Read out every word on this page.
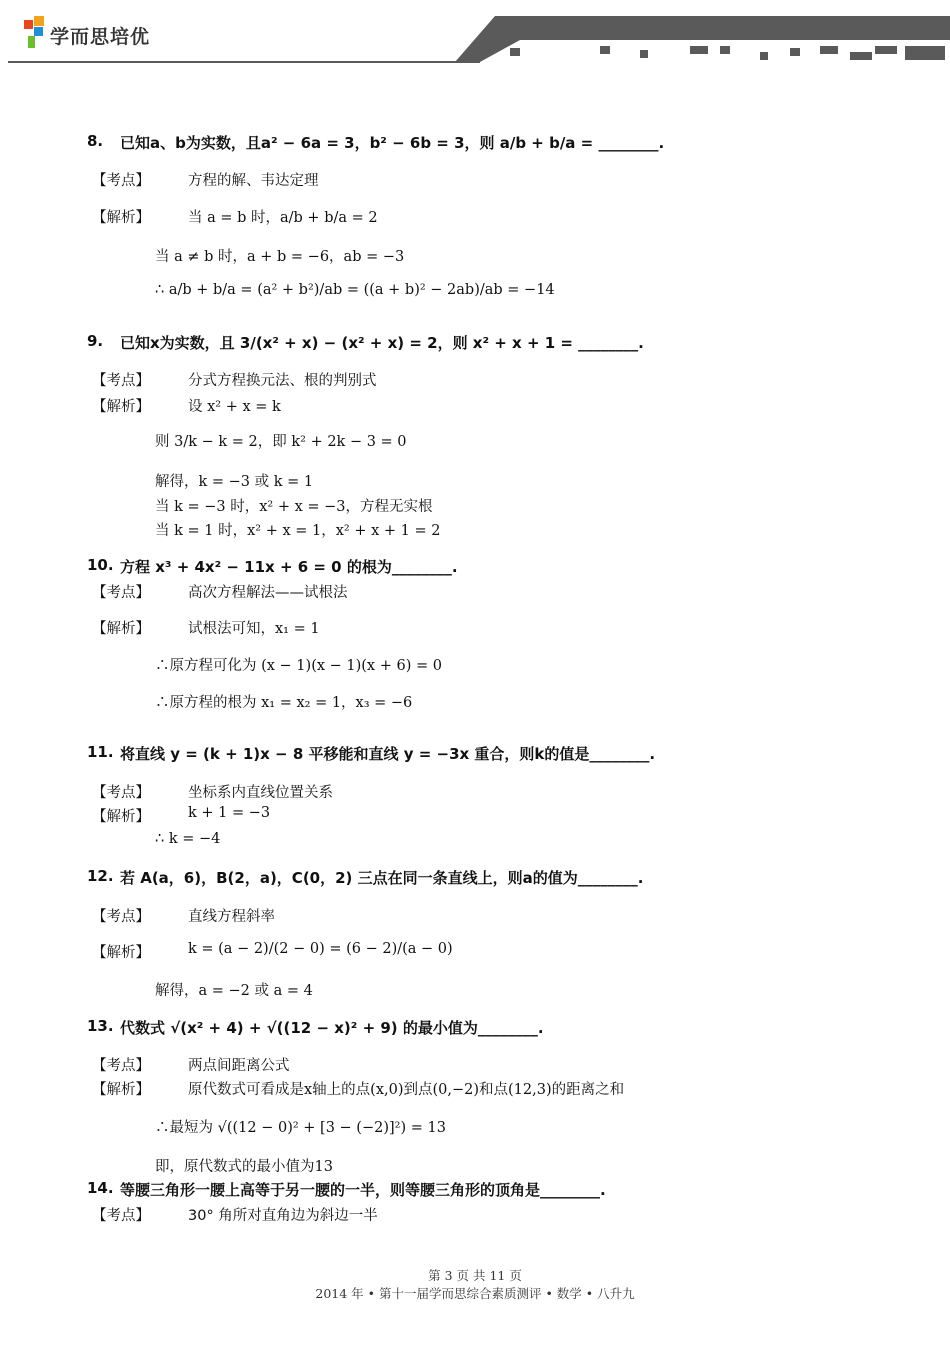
学而思培优
8. 已知a、b为实数，且a² − 6a = 3，b² − 6b = 3，则 a/b + b/a = ________.
【考点】	方程的解、韦达定理
【解析】	当 a = b 时，a/b + b/a = 2
当 a ≠ b 时，a + b = −6，ab = −3
∴ a/b + b/a = (a² + b²)/ab = ((a + b)² − 2ab)/ab = −14
9. 已知x为实数，且 3/(x² + x) − (x² + x) = 2，则 x² + x + 1 = ________.
【考点】	分式方程换元法、根的判别式
【解析】	设 x² + x = k
则 3/k − k = 2，即 k² + 2k − 3 = 0
解得，k = −3 或 k = 1
当 k = −3 时，x² + x = −3，方程无实根
当 k = 1 时，x² + x = 1，x² + x + 1 = 2
10. 方程 x³ + 4x² − 11x + 6 = 0 的根为________.
【考点】	高次方程解法——试根法
【解析】	试根法可知，x₁ = 1
∴原方程可化为 (x − 1)(x − 1)(x + 6) = 0
∴原方程的根为 x₁ = x₂ = 1，x₃ = −6
11. 将直线 y = (k + 1)x − 8 平移能和直线 y = −3x 重合，则k的值是________.
【考点】	坐标系内直线位置关系
【解析】	k + 1 = −3
∴ k = −4
12. 若 A(a，6)，B(2，a)，C(0，2) 三点在同一条直线上，则a的值为________.
【考点】	直线方程斜率
【解析】	k = (a − 2)/(2 − 0) = (6 − 2)/(a − 0)
解得，a = −2 或 a = 4
13. 代数式 √(x² + 4) + √((12 − x)² + 9) 的最小值为________.
【考点】	两点间距离公式
【解析】	原代数式可看成是x轴上的点(x,0)到点(0,−2)和点(12,3)的距离之和
∴最短为 √((12 − 0)² + [3 − (−2)]²) = 13
即，原代数式的最小值为13
14. 等腰三角形一腰上高等于另一腰的一半，则等腰三角形的顶角是________.
【考点】	30° 角所对直角边为斜边一半
第 3 页 共 11 页
2014 年 • 第十一届学而思综合素质测评 • 数学 • 八升九
